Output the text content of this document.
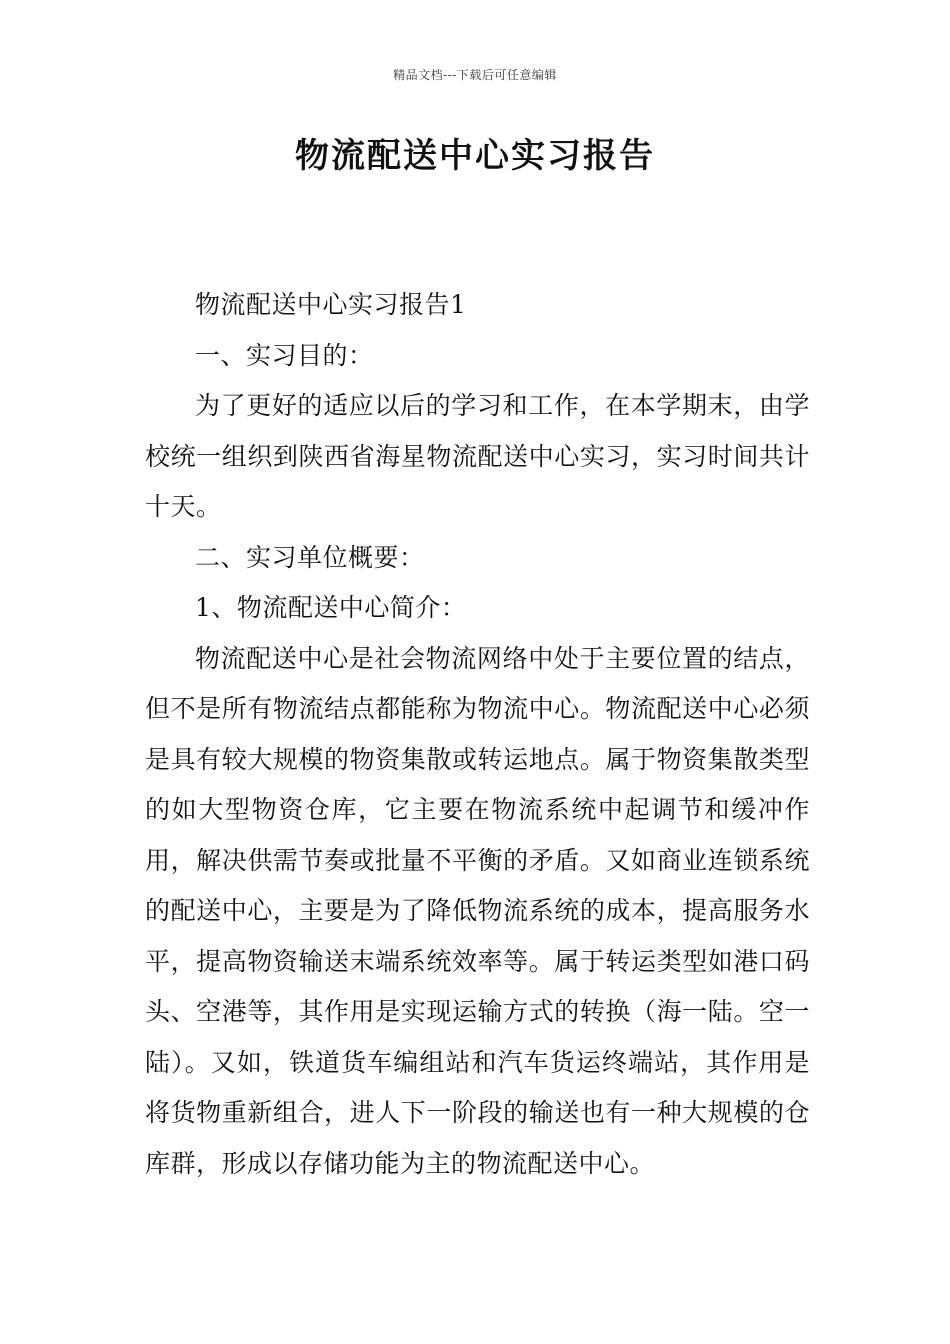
精品文档---下载后可任意编辑
物流配送中心实习报告

物流配送中心实习报告1

一、实习目的：

为了更好的适应以后的学习和工作，在本学期末，由学校统一组织到陕西省海星物流配送中心实习，实习时间共计十天。

二、实习单位概要：

1、物流配送中心简介：

物流配送中心是社会物流网络中处于主要位置的结点，但不是所有物流结点都能称为物流中心。物流配送中心必须是具有较大规模的物资集散或转运地点。属于物资集散类型的如大型物资仓库，它主要在物流系统中起调节和缓冲作用，解决供需节奏或批量不平衡的矛盾。又如商业连锁系统的配送中心，主要是为了降低物流系统的成本，提高服务水平，提高物资输送末端系统效率等。属于转运类型如港口码头、空港等，其作用是实现运输方式的转换（海一陆。空一陆）。又如，铁道货车编组站和汽车货运终端站，其作用是将货物重新组合，进人下一阶段的输送也有一种大规模的仓库群，形成以存储功能为主的物流配送中心。
